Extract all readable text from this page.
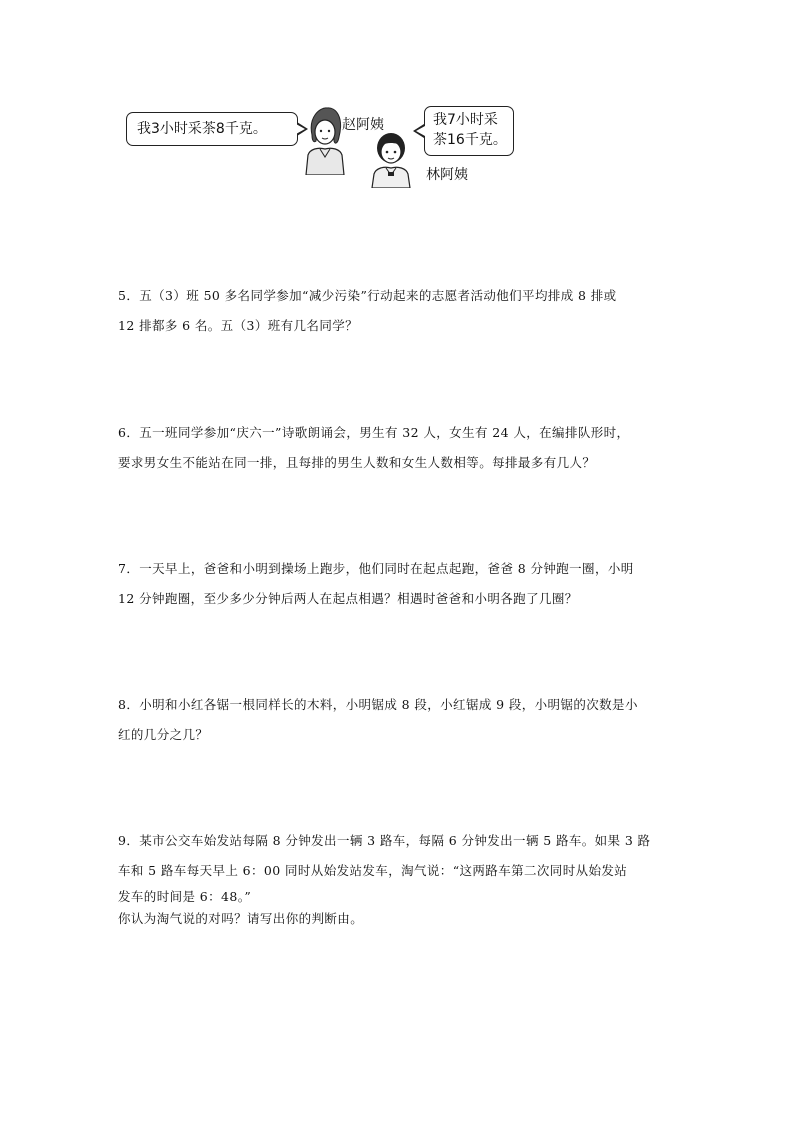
我3小时采茶8千克。	赵阿姨	我7小时采
茶16千克。
林阿姨
5．五（3）班 50 多名同学参加“减少污染”行动起来的志愿者活动他们平均排成 8 排或
12 排都多 6 名。五（3）班有几名同学？
6．五一班同学参加“庆六一”诗歌朗诵会，男生有 32 人，女生有 24 人，在编排队形时，
要求男女生不能站在同一排，且每排的男生人数和女生人数相等。每排最多有几人？
7．一天早上，爸爸和小明到操场上跑步，他们同时在起点起跑，爸爸 8 分钟跑一圈，小明
12 分钟跑圈，至少多少分钟后两人在起点相遇？相遇时爸爸和小明各跑了几圈？
8．小明和小红各锯一根同样长的木料，小明锯成 8 段，小红锯成 9 段，小明锯的次数是小
红的几分之几？
9．某市公交车始发站每隔 8 分钟发出一辆 3 路车，每隔 6 分钟发出一辆 5 路车。如果 3 路
车和 5 路车每天早上 6：00 同时从始发站发车，淘气说：“这两路车第二次同时从始发站
发车的时间是 6：48。”
你认为淘气说的对吗？请写出你的判断由。
